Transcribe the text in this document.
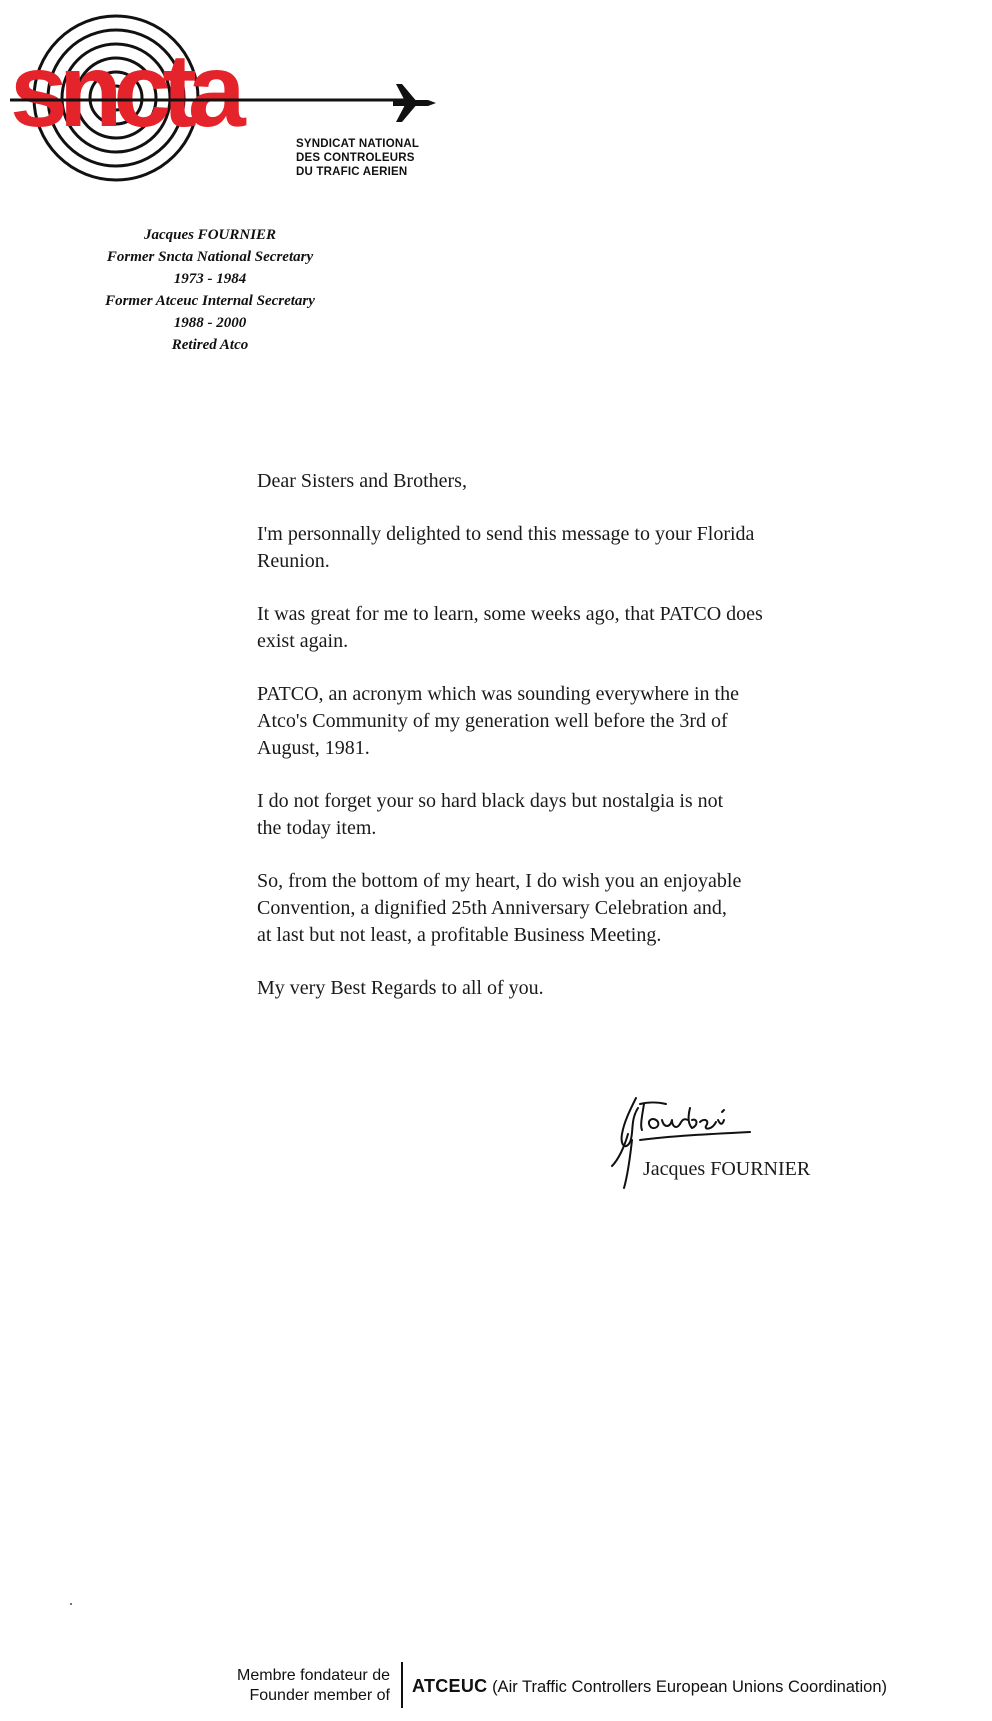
sncta	SYNDICAT NATIONAL
DES CONTROLEURS
DU TRAFIC AERIEN
Jacques FOURNIER
Former Sncta National Secretary
1973 - 1984
Former Atceuc Internal Secretary
1988 - 2000
Retired Atco

Dear Sisters and Brothers,

I'm personnally delighted to send this message to your Florida
Reunion.

It was great for me to learn, some weeks ago, that PATCO does
exist again.

PATCO, an acronym which was sounding everywhere in the
Atco's Community of my generation well before the 3rd of
August, 1981.

I do not forget your so hard black days but nostalgia is not
the today item.

So, from the bottom of my heart, I do wish you an enjoyable
Convention, a dignified 25th Anniversary Celebration and,
at last but not least, a profitable Business Meeting.

My very Best Regards to all of you.

Jacques FOURNIER
Membre fondateur de
Founder member of ATCEUC (Air Traffic Controllers European Unions Coordination)
